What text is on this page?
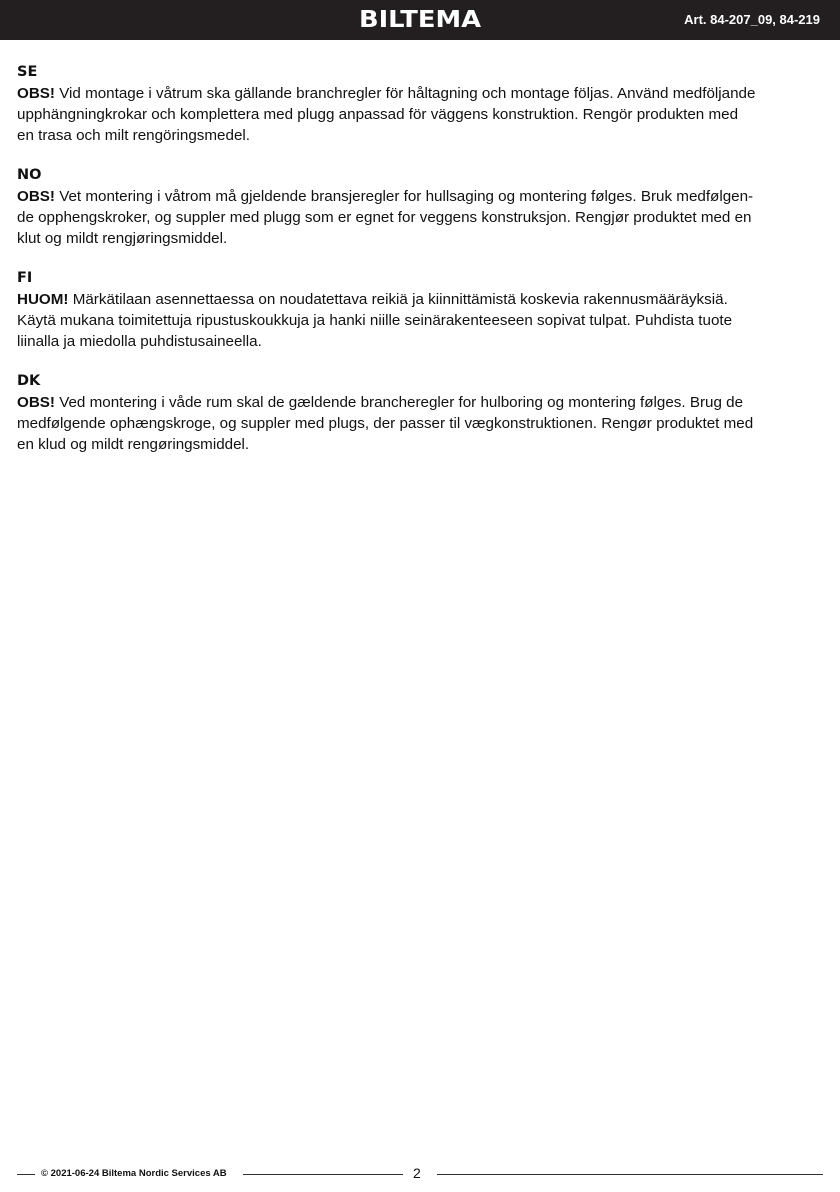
BILTEMA	Art. 84-207_09, 84-219
SE

OBS! Vid montage i våtrum ska gällande branchregler för håltagning och montage följas. Använd medföljande
upphängningkrokar och komplettera med plugg anpassad för väggens konstruktion. Rengör produkten med
en trasa och milt rengöringsmedel.

NO

OBS! Vet montering i våtrom må gjeldende bransjeregler for hullsaging og montering følges. Bruk medfølgen-
de opphengskroker, og suppler med plugg som er egnet for veggens konstruksjon. Rengjør produktet med en
klut og mildt rengjøringsmiddel.

FI

HUOM! Märkätilaan asennettaessa on noudatettava reikiä ja kiinnittämistä koskevia rakennusmääräyksiä.
Käytä mukana toimitettuja ripustuskoukkuja ja hanki niille seinärakenteeseen sopivat tulpat. Puhdista tuote
liinalla ja miedolla puhdistusaineella.

DK

OBS! Ved montering i våde rum skal de gældende brancheregler for hulboring og montering følges. Brug de
medfølgende ophængskroge, og suppler med plugs, der passer til vægkonstruktionen. Rengør produktet med
en klud og mildt rengøringsmiddel.

© 2021-06-24 Biltema Nordic Services AB	2
